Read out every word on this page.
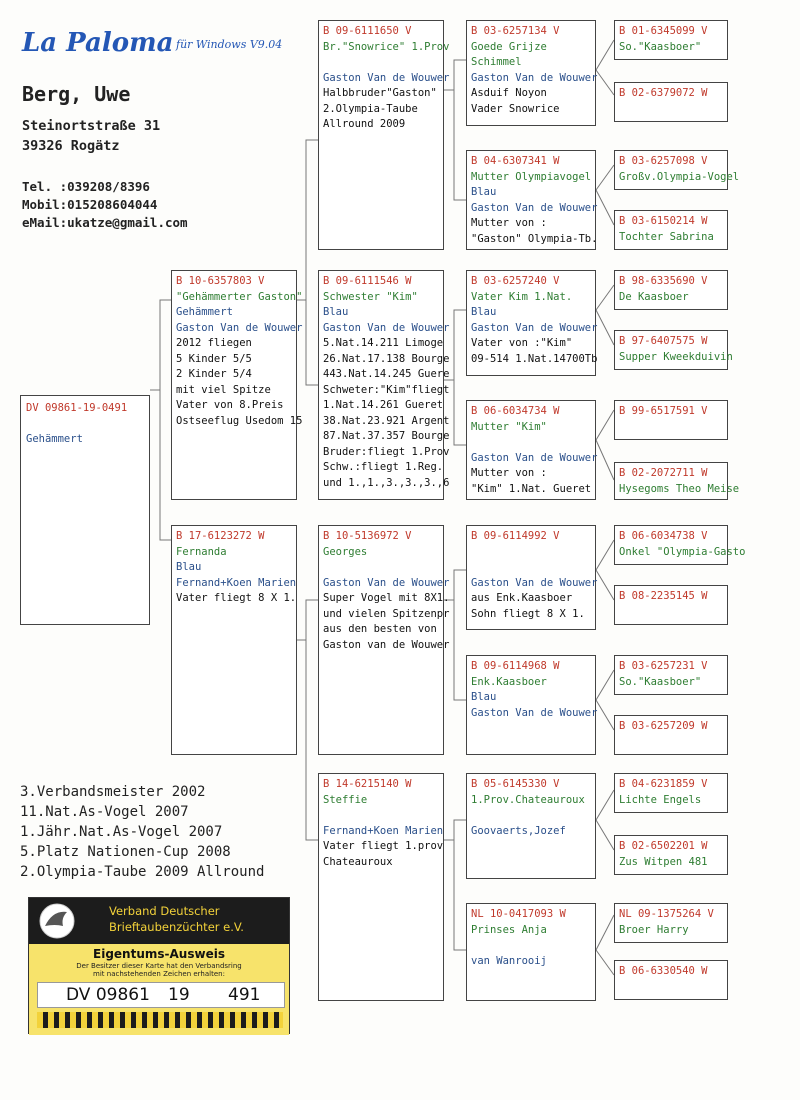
La Paloma für Windows V9.04
Berg, Uwe
Steinortstraße 31
39326 Rogätz
Tel. :039208/8396
Mobil:015208604044
eMail:ukatze@gmail.com
DV 09861-19-0491

Gehämmert
B 10-6357803 V
"Gehämmerter Gaston"
Gehämmert
Gaston Van de Wouwer
2012 fliegen
5 Kinder 5/5
2 Kinder 5/4
mit viel Spitze
Vater von 8.Preis
Ostseeflug Usedom 15
B 17-6123272 W
Fernanda
Blau
Fernand+Koen Marien
Vater fliegt 8 X 1.
B 09-6111650 V
Br."Snowrice" 1.Prov

Gaston Van de Wouwer
Halbbruder"Gaston"
2.Olympia-Taube
Allround 2009
B 09-6111546 W
Schwester "Kim"
Blau
Gaston Van de Wouwer
5.Nat.14.211 Limoge
26.Nat.17.138 Bourge
443.Nat.14.245 Guere
Schweter:"Kim"fliegt
1.Nat.14.261 Gueret
38.Nat.23.921 Argent
87.Nat.37.357 Bourge
Bruder:fliegt 1.Prov
Schw.:fliegt 1.Reg.
und 1.,1.,3.,3.,3.,6
B 10-5136972 V
Georges

Gaston Van de Wouwer
Super Vogel mit 8X1.
und vielen Spitzenpr
aus den besten von
Gaston van de Wouwer
B 14-6215140 W
Steffie

Fernand+Koen Marien
Vater fliegt 1.prov
Chateauroux
B 03-6257134 V
Goede Grijze
Schimmel
Gaston Van de Wouwer
Asduif Noyon
Vader Snowrice
B 04-6307341 W
Mutter Olympiavogel
Blau
Gaston Van de Wouwer
Mutter von :
"Gaston" Olympia-Tb.
B 03-6257240 V
Vater Kim 1.Nat.
Blau
Gaston Van de Wouwer
Vater von :"Kim"
09-514 1.Nat.14700Tb
B 06-6034734 W
Mutter "Kim"

Gaston Van de Wouwer
Mutter von :
"Kim" 1.Nat. Gueret
B 09-6114992 V

Gaston Van de Wouwer
aus Enk.Kaasboer
Sohn fliegt 8 X 1.
B 09-6114968 W
Enk.Kaasboer
Blau
Gaston Van de Wouwer
B 05-6145330 V
1.Prov.Chateauroux

Goovaerts,Jozef
NL 10-0417093 W
Prinses Anja

van Wanrooij
B 01-6345099 V
So."Kaasboer"
B 02-6379072 W
B 03-6257098 V
Großv.Olympia-Vogel
B 03-6150214 W
Tochter Sabrina
B 98-6335690 V
De Kaasboer
B 97-6407575 W
Supper Kweekduivin
B 99-6517591 V
B 02-2072711 W
Hysegoms Theo Meise
B 06-6034738 V
Onkel "Olympia-Gasto
B 08-2235145 W
B 03-6257231 V
So."Kaasboer"
B 03-6257209 W
B 04-6231859 V
Lichte Engels
B 02-6502201 W
Zus Witpen 481
NL 09-1375264 V
Broer Harry
B 06-6330540 W
3.Verbandsmeister 2002
11.Nat.As-Vogel 2007
1.Jähr.Nat.As-Vogel 2007
5.Platz Nationen-Cup 2008
2.Olympia-Taube 2009 Allround
Verband Deutscher
Brieftaubenzüchter e.V.
Eigentums-Ausweis
Der Besitzer dieser Karte hat den Verbandsring
mit nachstehenden Zeichen erhalten:
DV 09861 19 491
